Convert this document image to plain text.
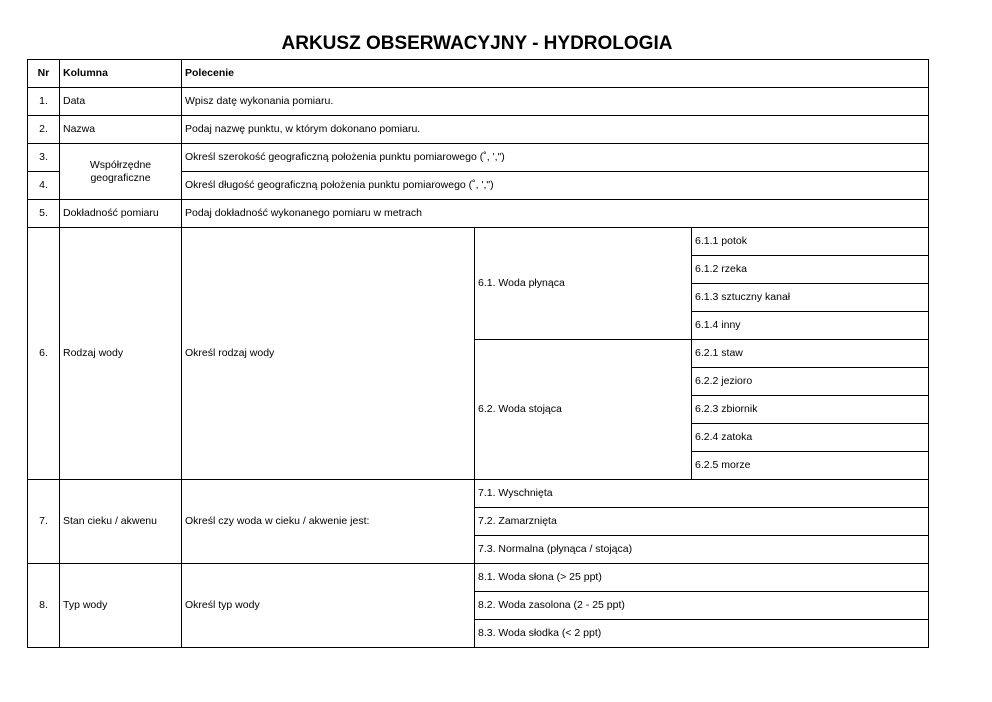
ARKUSZ OBSERWACYJNY - HYDROLOGIA
Nr	Kolumna	Polecenie		
1.	Data	Wpisz datę wykonania pomiaru.		
2.	Nazwa	Podaj nazwę punktu, w którym dokonano pomiaru.		
3.	Współrzędne geograficzne	Określ szerokość geograficzną położenia punktu pomiarowego (˚, ',")		
4.		Określ długość geograficzną położenia punktu pomiarowego (˚, ',")		
5.	Dokładność pomiaru	Podaj dokładność wykonanego pomiaru w metrach		
6.	Rodzaj wody	Określ rodzaj wody	6.1. Woda płynąca	6.1.1 potok
				6.1.2 rzeka
				6.1.3 sztuczny kanał
				6.1.4 inny
			6.2. Woda stojąca	6.2.1 staw
				6.2.2 jezioro
				6.2.3 zbiornik
				6.2.4 zatoka
				6.2.5 morze
7.	Stan cieku / akwenu	Określ czy woda w cieku / akwenie jest:	7.1. Wyschnięta	
			7.2. Zamarznięta	
			7.3. Normalna (płynąca / stojąca)	
8.	Typ wody	Określ typ wody	8.1. Woda słona (> 25 ppt)	
			8.2. Woda zasolona (2 - 25 ppt)	
			8.3. Woda słodka (< 2 ppt)	
